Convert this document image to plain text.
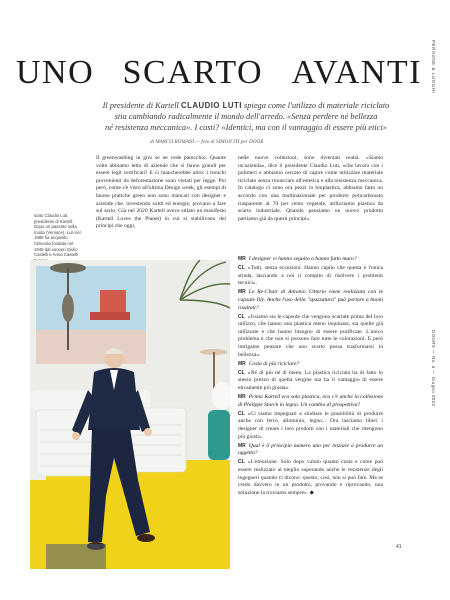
PERSONE & LUOGHI
DOORS — No. 3 — Giugno 2023
UNO SCARTO AVANTI
Il presidente di Kartell CLAUDIO LUTI spiega come l'utilizzo di materiale riciclato
stia cambiando radicalmente il mondo dell'arredo. «Senza perdere né bellezza
né resistenza meccanica». I costi? «Identici, ma con il vantaggio di essere più etici»
di MARCO ROMANI — foto di SIMON ITI per DOOR
sotto Claudio Luti, presidente di Kartell. Dopo un passato nella moda (Versace), Luti nel 1988 ha acquisito l'azienda fondata nel 1949 dal suoceri Giulio Castelli e Anna Castelli

Il greenwashing in giro se ne vede parecchio. Quante volte abbiamo letto di aziende che si fanno grandi per essere legit certificati? E ci mancherebbe altro: i tronchi provenienti da deforestazione sono vietati per legge. Poi però, come s'è visto all'ultima Design week, gli esempi di buone pratiche green non sono mancati con designer e aziende che, investendo soldi ed energie, provano a fare sul serio. Già nel 2020 Kartell aveva stilato un manifesto (Kartell Loves the Planet) in cui si stabilivano dei principi che oggi,

nelle nuove collezioni, sono diventati realtà. «Siamo un'azienda», dice il presidente Claudio Luti, «che lavora con i polimeri e abbiamo cercato di capire come utilizzare materiale riciclato senza rinunciare all'estetica e alla resistenza meccanica. In catalogo ci sono ora pezzi in bioplastica, abbiamo fatto un accordo con una multinazionale per produrre policarbonato trasparente al 70 per cento vegetale, utilizziamo plastica da scarto industriale. Quando pensiamo un nuovo prodotto partiamo già da questi principi».

MR I designer vi hanno seguito o hanno fatto muro?

CL «Tutti, senza eccezioni. Hanno capito che questa è l'unica strada, lasciando a noi il compito di risolvere i problemi tecnici».

MR Le Re-Chair di Antonio Citterio viene realizzata con le capsule Illy. Anche l'uso della "spazzatura" può portare a buoni risultati?

CL «Usiamo sia le capsule che vengono scartate prima del loro utilizzo, che hanno una plastica meno inquinata, sia quelle già utilizzate e che hanno bisogno di essere purificate. L'unico problema è che non si possono fare tutte le colorazioni. E però intrigante pensare che uno scarto possa trasformarsi in bellezza».

MR Costa di più riciclare?

CL «Né di più né di meno. La plastica riciclata ha di fatto lo stesso prezzo di quella vergine ma ha il vantaggio di essere eticamente più giusta».

MR Prima Kartell era solo plastica, ora c'è anche la collezione di Philippe Starck in legno. Un cambio di prospettiva?

CL «Ci siamo impegnati a studiare le possibilità di produrre anche con ferro, alluminio, legno... Ora lasciamo liberi i designer di creare i loro prodotti con i materiali che ritengono più giusti».

MR Qual è il principio numero uno per iniziare a produrre un oggetto?

CL «L'emozione. Solo dopo valuto quanto costa e come può essere realizzato al meglio superando anche le resistenze degli ingegneri quando ci dicono: questo, così, non si può fare. Ma se credo davvero in un prodotto, provando e riprovando, una soluzione la troviamo sempre». ◆

41
